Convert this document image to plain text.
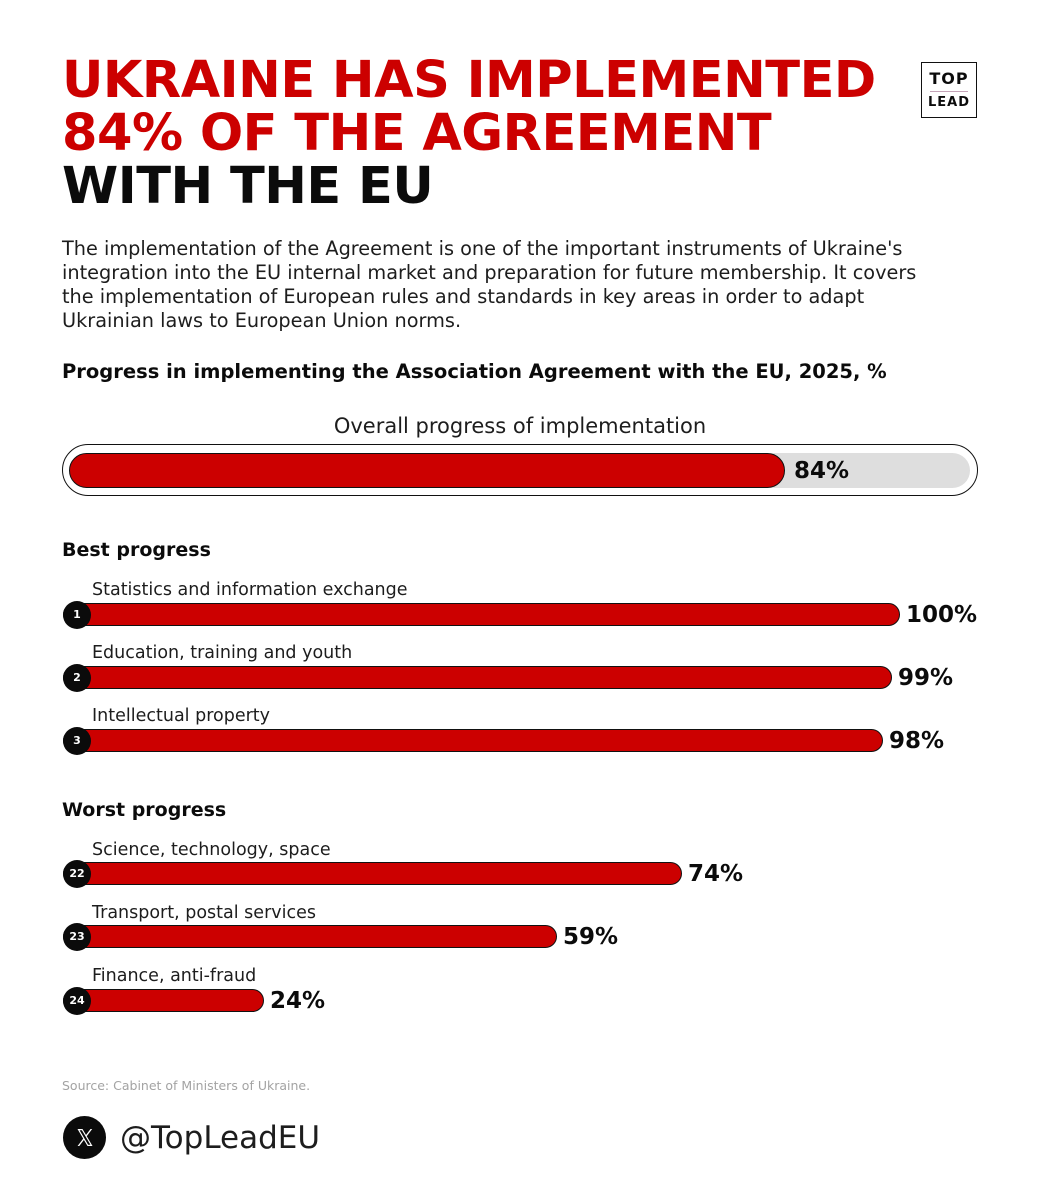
UKRAINE HAS IMPLEMENTED
84% OF THE AGREEMENT
WITH THE EU
TOP
LEAD

The implementation of the Agreement is one of the important instruments of Ukraine's integration into the EU internal market and preparation for future membership. It covers the implementation of European rules and standards in key areas in order to adapt Ukrainian laws to European Union norms.

Progress in implementing the Association Agreement with the EU, 2025, %
Overall progress of implementation
84%
Best progress
Worst progress
Statistics and information exchange
1	100%
Education, training and youth
2	99%
Intellectual property
3	98%
Science, technology, space
22	74%
Transport, postal services
23	59%
Finance, anti-fraud
24	24%
Source: Cabinet of Ministers of Ukraine.
@TopLeadEU
